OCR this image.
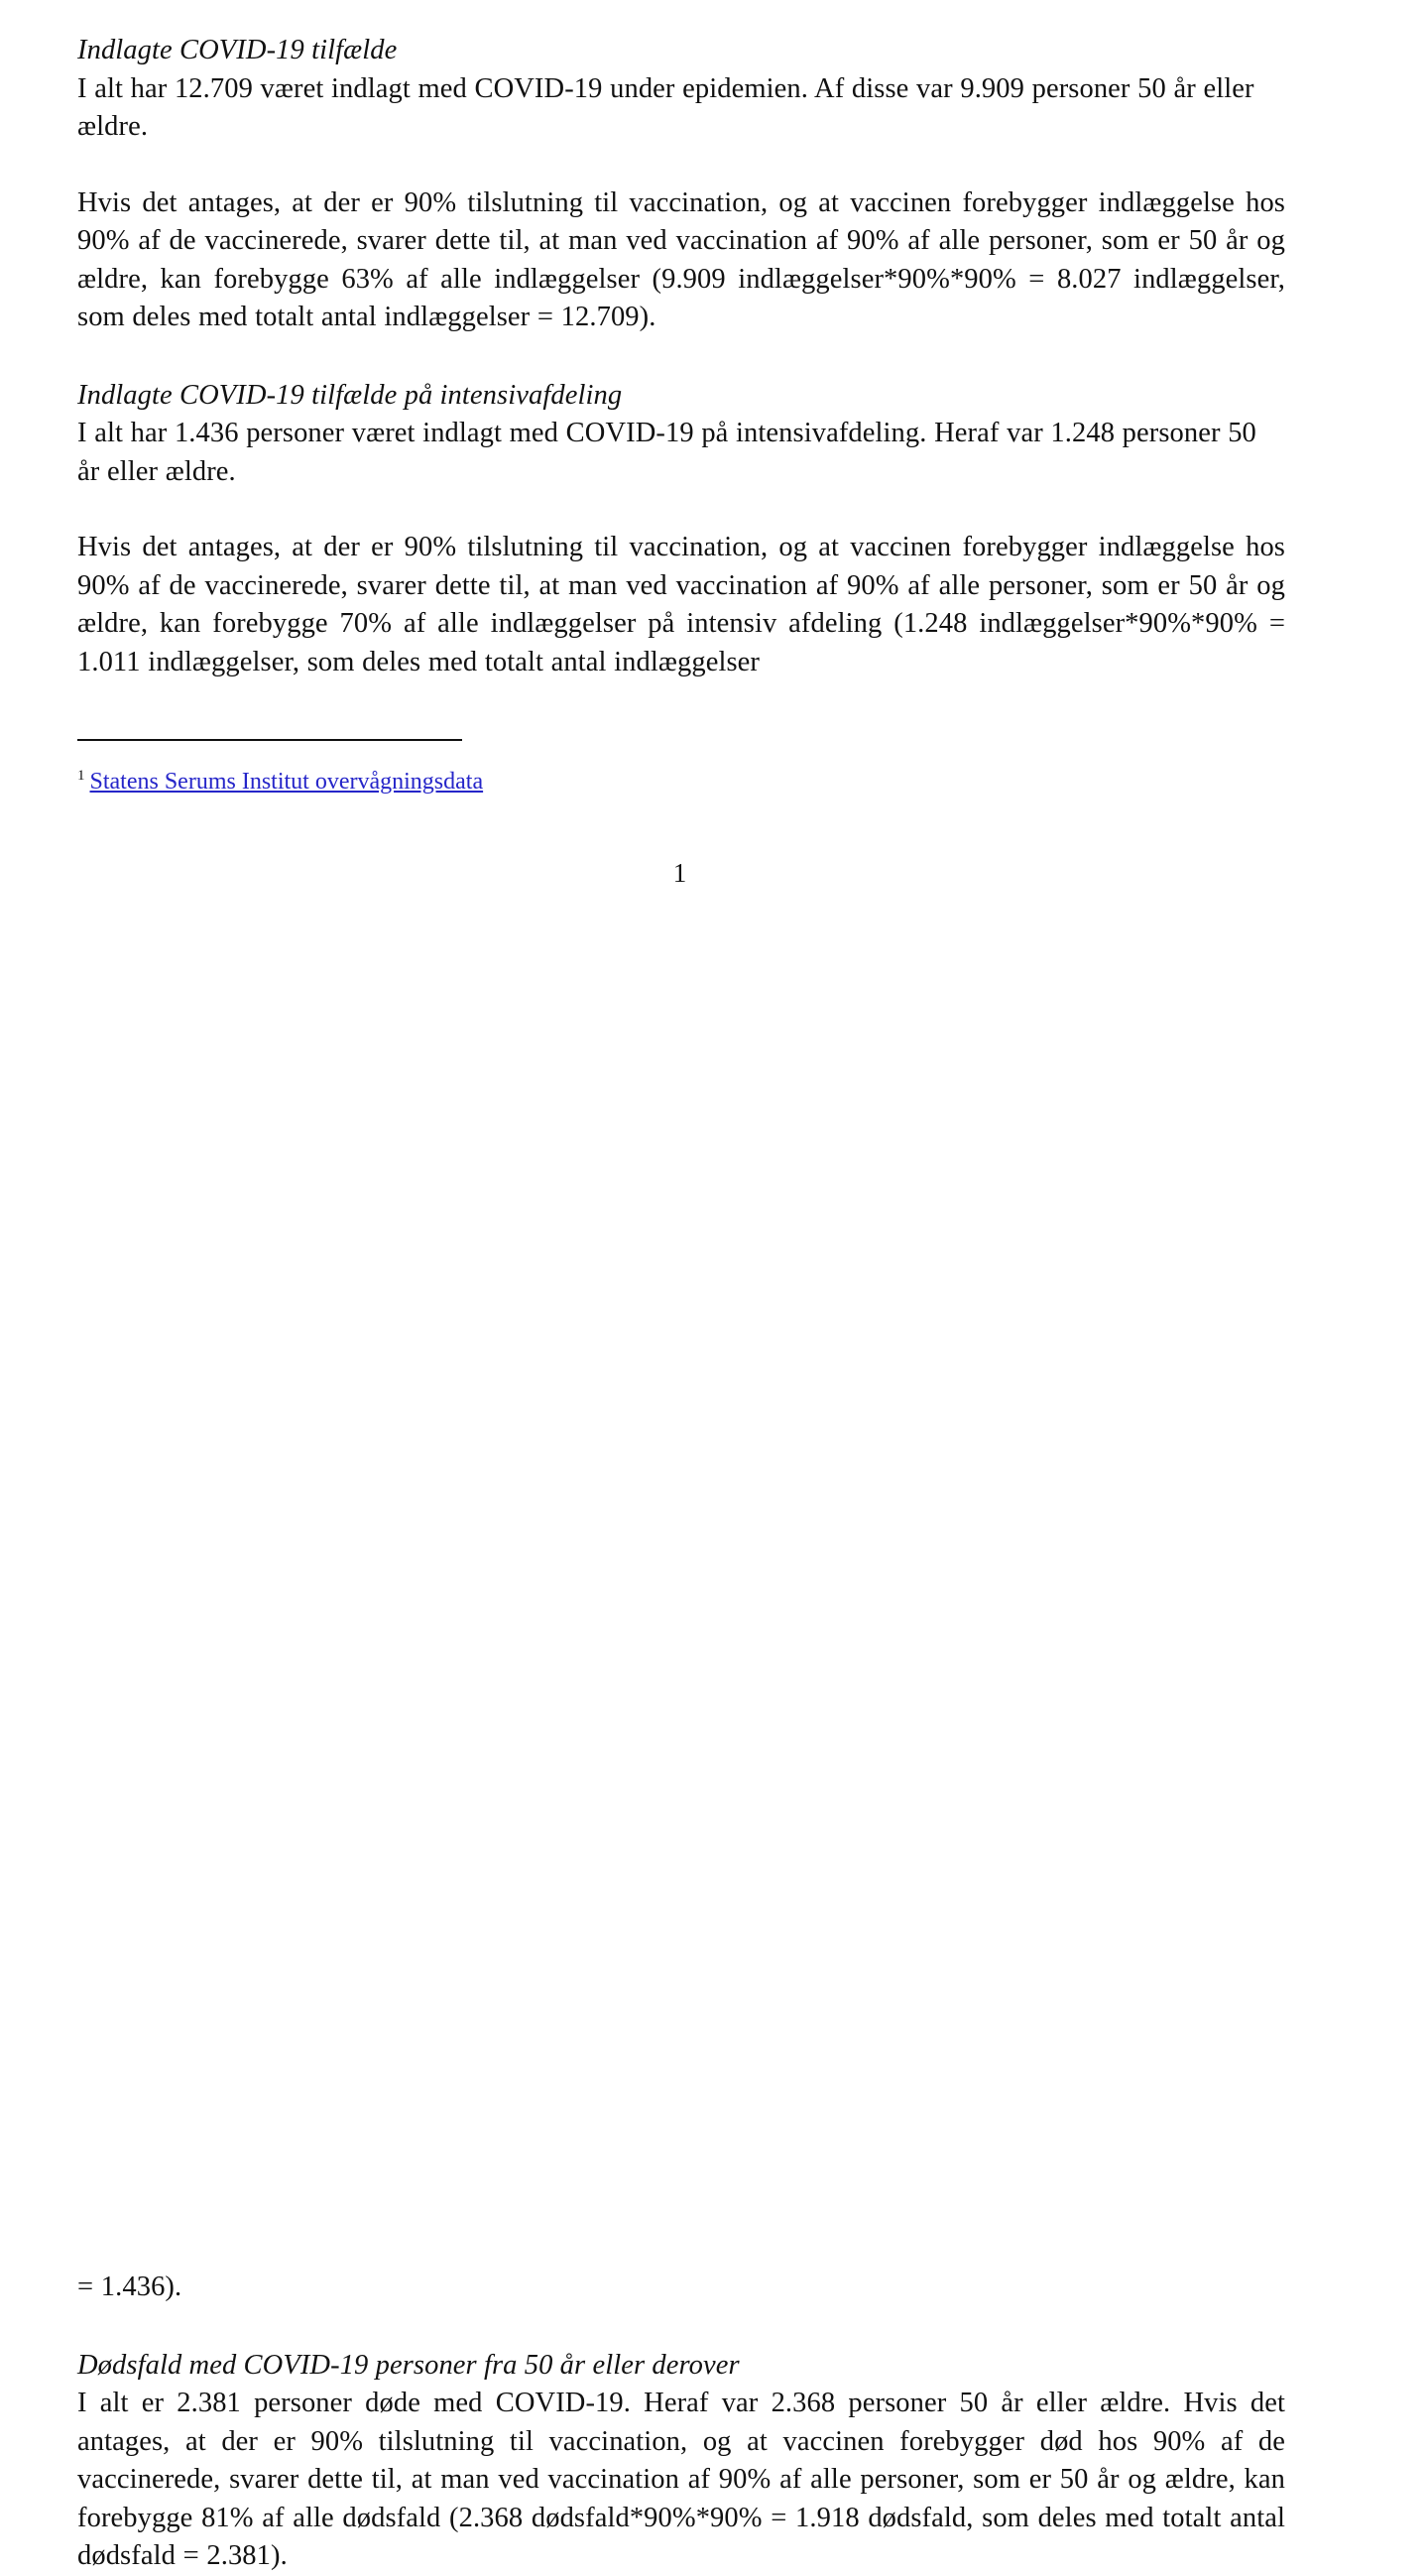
Indlagte COVID-19 tilfælde

I alt har 12.709 været indlagt med COVID-19 under epidemien. Af disse var 9.909 personer 50 år eller ældre.

Hvis det antages, at der er 90% tilslutning til vaccination, og at vaccinen forebygger indlæggelse hos 90% af de vaccinerede, svarer dette til, at man ved vaccination af 90% af alle personer, som er 50 år og ældre, kan forebygge 63% af alle indlæggelser (9.909 indlæggelser*90%*90% = 8.027 indlæggelser, som deles med totalt antal indlæggelser = 12.709).

Indlagte COVID-19 tilfælde på intensivafdeling

I alt har 1.436 personer været indlagt med COVID-19 på intensivafdeling. Heraf var 1.248 personer 50 år eller ældre.

Hvis det antages, at der er 90% tilslutning til vaccination, og at vaccinen forebygger indlæggelse hos 90% af de vaccinerede, svarer dette til, at man ved vaccination af 90% af alle personer, som er 50 år og ældre, kan forebygge 70% af alle indlæggelser på intensiv afdeling (1.248 indlæggelser*90%*90% = 1.011 indlæggelser, som deles med totalt antal indlæggelser

$^1$ Statens Serums Institut overvågningsdata
1

= 1.436).

Dødsfald med COVID-19 personer fra 50 år eller derover

I alt er 2.381 personer døde med COVID-19. Heraf var 2.368 personer 50 år eller ældre. Hvis det antages, at der er 90% tilslutning til vaccination, og at vaccinen forebygger død hos 90% af de vaccinerede, svarer dette til, at man ved vaccination af 90% af alle personer, som er 50 år og ældre, kan forebygge 81% af alle dødsfald (2.368 dødsfald*90%*90% = 1.918 dødsfald, som deles med totalt antal dødsfald = 2.381).
